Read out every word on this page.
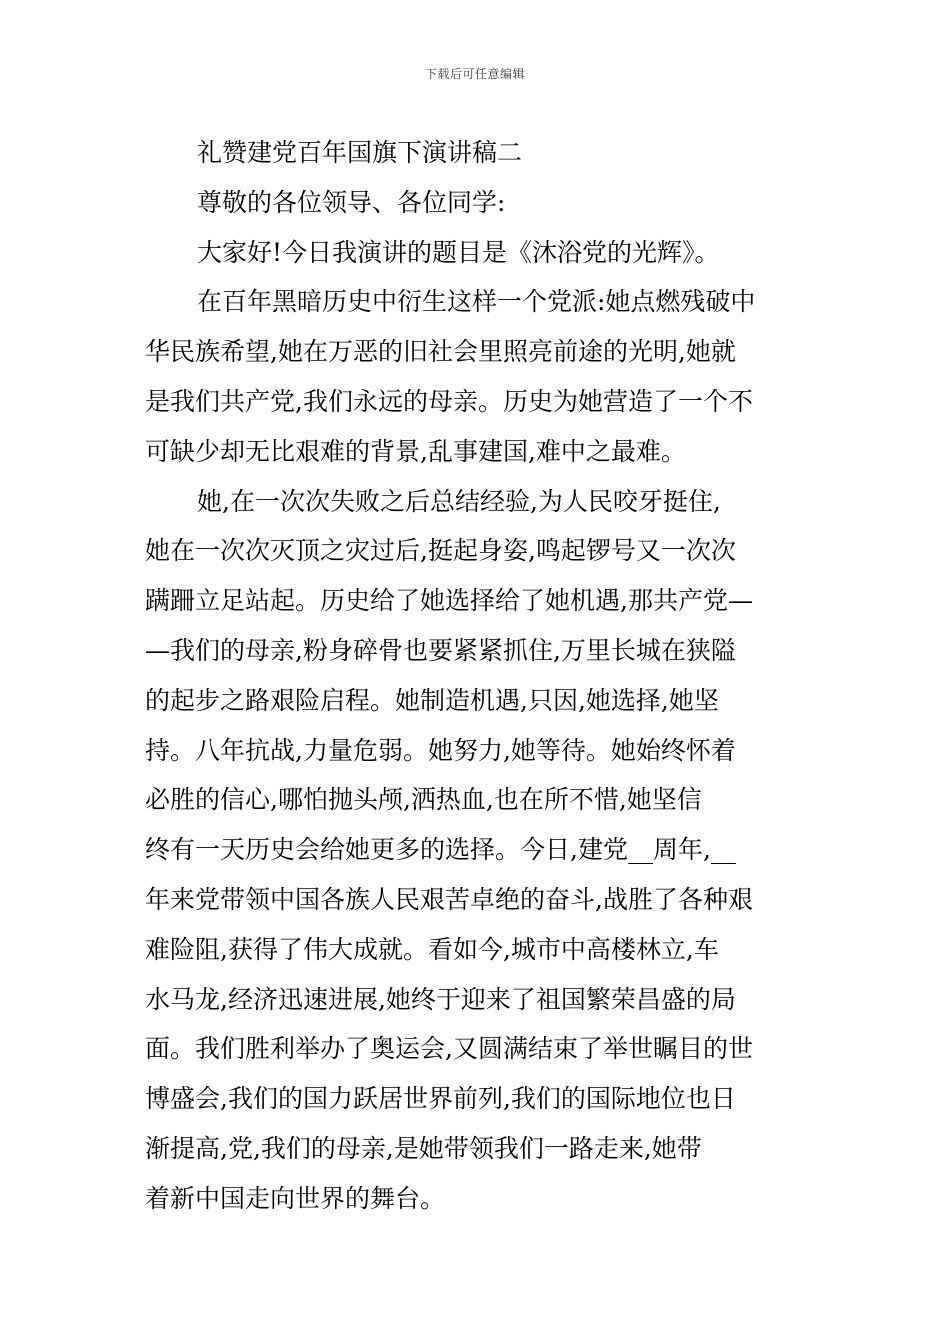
下载后可任意编辑
礼赞建党百年国旗下演讲稿二
尊敬的各位领导、各位同学:
大家好!今日我演讲的题目是《沐浴党的光辉》。
在百年黑暗历史中衍生这样一个党派:她点燃残破中
华民族希望,她在万恶的旧社会里照亮前途的光明,她就
是我们共产党,我们永远的母亲。历史为她营造了一个不
可缺少却无比艰难的背景,乱事建国,难中之最难。
她,在一次次失败之后总结经验,为人民咬牙挺住,
她在一次次灭顶之灾过后,挺起身姿,鸣起锣号又一次次
蹒跚立足站起。历史给了她选择给了她机遇,那共产党—
—我们的母亲,粉身碎骨也要紧紧抓住,万里长城在狭隘
的起步之路艰险启程。她制造机遇,只因,她选择,她坚
持。八年抗战,力量危弱。她努力,她等待。她始终怀着
必胜的信心,哪怕抛头颅,洒热血,也在所不惜,她坚信
终有一天历史会给她更多的选择。今日,建党__周年,__
年来党带领中国各族人民艰苦卓绝的奋斗,战胜了各种艰
难险阻,获得了伟大成就。看如今,城市中高楼林立,车
水马龙,经济迅速进展,她终于迎来了祖国繁荣昌盛的局
面。我们胜利举办了奥运会,又圆满结束了举世瞩目的世
博盛会,我们的国力跃居世界前列,我们的国际地位也日
渐提高,党,我们的母亲,是她带领我们一路走来,她带
着新中国走向世界的舞台。
